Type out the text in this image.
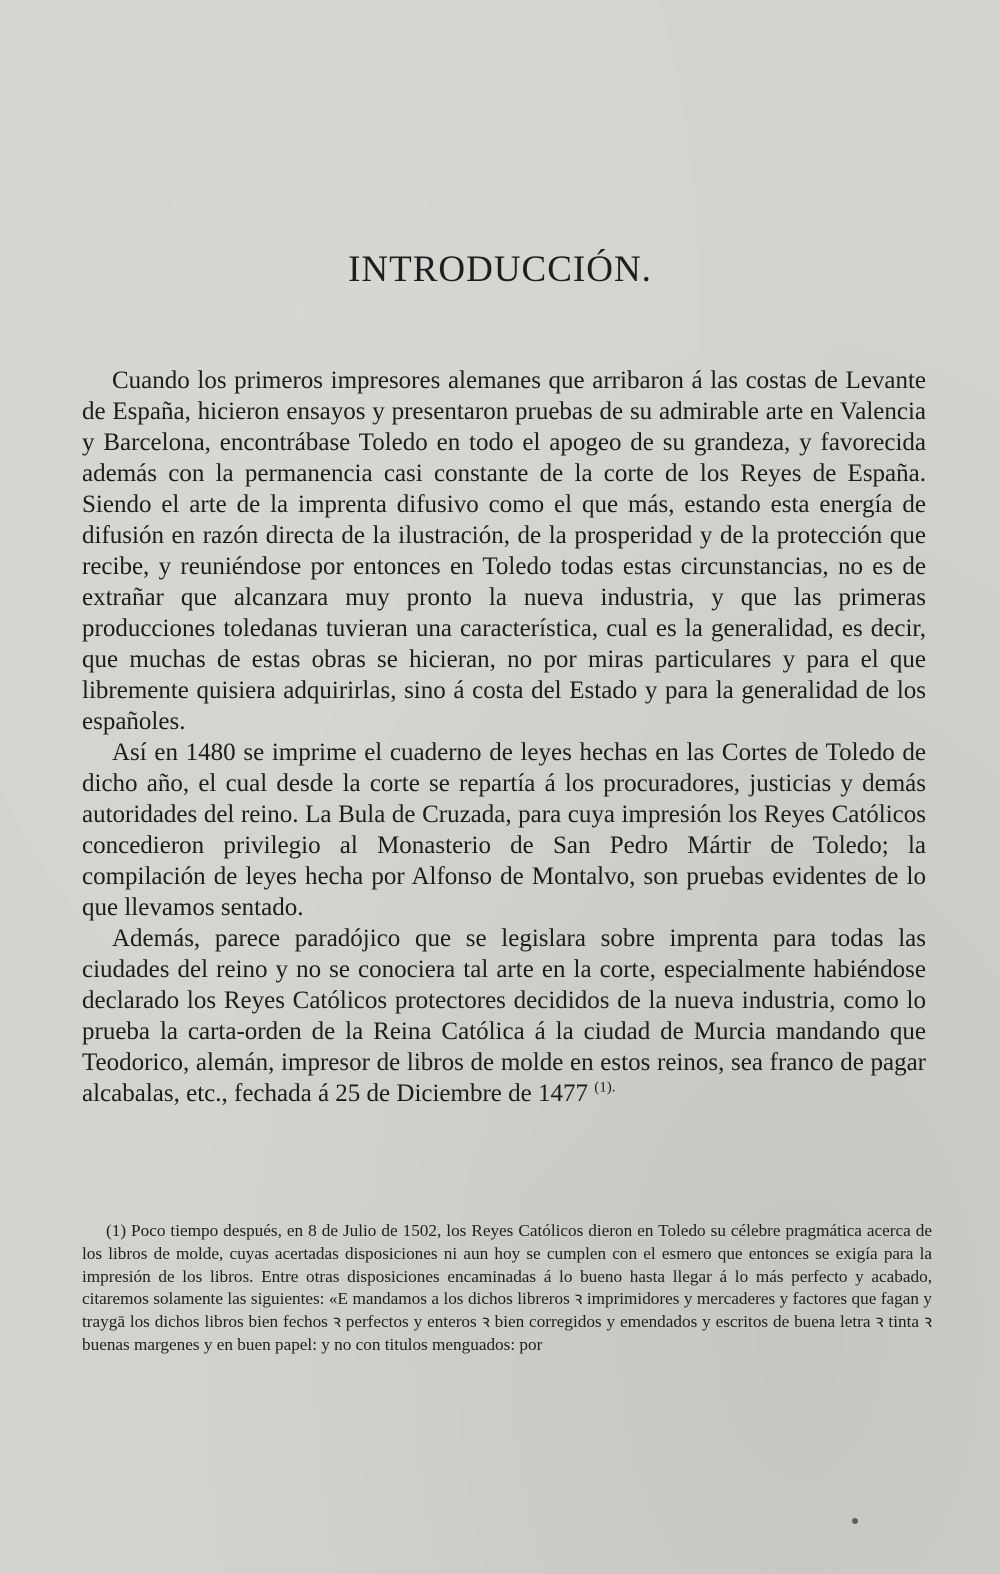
INTRODUCCIÓN.

Cuando los primeros impresores alemanes que arribaron á las costas de Levante de España, hicieron ensayos y presentaron pruebas de su admirable arte en Valencia y Barcelona, encontrábase Toledo en todo el apogeo de su grandeza, y favorecida además con la permanencia casi constante de la corte de los Reyes de España. Siendo el arte de la imprenta difusivo como el que más, estando esta energía de difusión en razón directa de la ilustración, de la prosperidad y de la protección que recibe, y reuniéndose por entonces en Toledo todas estas circunstancias, no es de extrañar que alcanzara muy pronto la nueva industria, y que las primeras producciones toledanas tuvieran una característica, cual es la generalidad, es decir, que muchas de estas obras se hicieran, no por miras particulares y para el que libremente quisiera adquirirlas, sino á costa del Estado y para la generalidad de los españoles.

Así en 1480 se imprime el cuaderno de leyes hechas en las Cortes de Toledo de dicho año, el cual desde la corte se repartía á los procuradores, justicias y demás autoridades del reino. La Bula de Cruzada, para cuya impresión los Reyes Católicos concedieron privilegio al Monasterio de San Pedro Mártir de Toledo; la compilación de leyes hecha por Alfonso de Montalvo, son pruebas evidentes de lo que llevamos sentado.

Además, parece paradójico que se legislara sobre imprenta para todas las ciudades del reino y no se conociera tal arte en la corte, especialmente habiéndose declarado los Reyes Católicos protectores decididos de la nueva industria, como lo prueba la carta-orden de la Reina Católica á la ciudad de Murcia mandando que Teodorico, alemán, impresor de libros de molde en estos reinos, sea franco de pagar alcabalas, etc., fechada á 25 de Diciembre de 1477 $^{(1).}$

(1) Poco tiempo después, en 8 de Julio de 1502, los Reyes Católicos dieron en Toledo su célebre pragmática acerca de los libros de molde, cuyas acertadas disposiciones ni aun hoy se cumplen con el esmero que entonces se exigía para la impresión de los libros. Entre otras disposiciones encaminadas á lo bueno hasta llegar á lo más perfecto y acabado, citaremos solamente las siguientes: «E mandamos a los dichos libreros ꝛ imprimidores y mercaderes y factores que fagan y traygā los dichos libros bien fechos ꝛ perfectos y enteros ꝛ bien corregidos y emendados y escritos de buena letra ꝛ tinta ꝛ buenas margenes y en buen papel: y no con titulos menguados: por
